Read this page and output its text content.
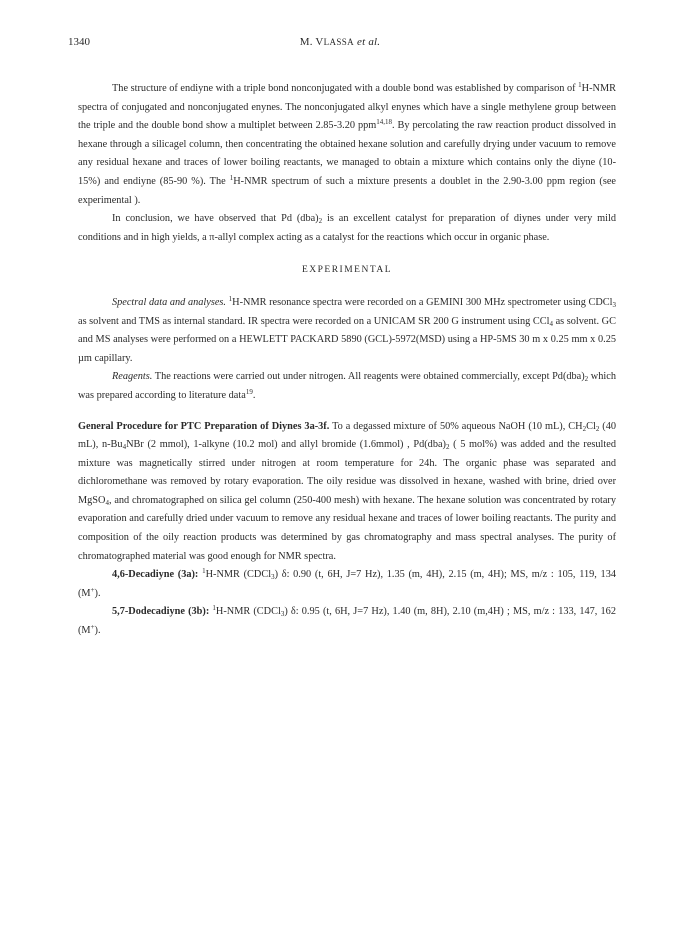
1340	M. VLASSA et al.

The structure of endiyne with a triple bond nonconjugated with a double bond was established by comparison of $^1$H-NMR spectra of conjugated and nonconjugated enynes. The nonconjugated alkyl enynes which have a single methylene group between the triple and the double bond show a multiplet between 2.85-3.20 ppm$^{14,18}$. By percolating the raw reaction product dissolved in hexane through a silicagel column, then concentrating the obtained hexane solution and carefully drying under vacuum to remove any residual hexane and traces of lower boiling reactants, we managed to obtain a mixture which contains only the diyne (10-15%) and endiyne (85-90 %). The $^1$H-NMR spectrum of such a mixture presents a doublet in the 2.90-3.00 ppm region (see experimental ).

In conclusion, we have observed that Pd $(dba)_2$ is an excellent catalyst for preparation of diynes under very mild conditions and in high yields, a π-allyl complex acting as a catalyst for the reactions which occur in organic phase.

EXPERIMENTAL

Spectral data and analyses. $^1$H-NMR resonance spectra were recorded on a GEMINI 300 MHz spectrometer using CDCl$_3$ as solvent and TMS as internal standard. IR spectra were recorded on a UNICAM SR 200 G instrument using CCl$_4$ as solvent. GC and MS analyses were performed on a HEWLETT PACKARD 5890 (GCL)-5972(MSD) using a HP-5MS 30 m x 0.25 mm x 0.25 µm capillary.

Reagents. The reactions were carried out under nitrogen. All reagents were obtained commercially, except $Pd(dba)_2$ which was prepared according to literature data$^{19}$.

General Procedure for PTC Preparation of Diynes 3a-3f. To a degassed mixture of 50% aqueous NaOH (10 mL), $CH_2Cl_2$ (40 mL), $n-Bu_4NBr$ (2 mmol), 1-alkyne (10.2 mol) and allyl bromide (1.6mmol) , $Pd(dba)_2$ ( 5 mol%) was added and the resulted mixture was magnetically stirred under nitrogen at room temperature for 24h. The organic phase was separated and dichloromethane was removed by rotary evaporation. The oily residue was dissolved in hexane, washed with brine, dried over MgSO$_4$, and chromatographed on silica gel column (250-400 mesh) with hexane. The hexane solution was concentrated by rotary evaporation and carefully dried under vacuum to remove any residual hexane and traces of lower boiling reactants. The purity and composition of the oily reaction products was determined by gas chromatography and mass spectral analyses. The purity of chromatographed material was good enough for NMR spectra.

4,6-Decadiyne (3a): $^1$H-NMR (CDCl$_3$) δ: 0.90 (t, 6H, J=7 Hz), 1.35 (m, 4H), 2.15 (m, 4H); MS, m/z : 105, 119, 134 (M+).

5,7-Dodecadiyne (3b): $^1$H-NMR (CDCl$_3$) δ: 0.95 (t, 6H, J=7 Hz), 1.40 (m, 8H), 2.10 (m,4H) ; MS, m/z : 133, 147, 162 (M+).
